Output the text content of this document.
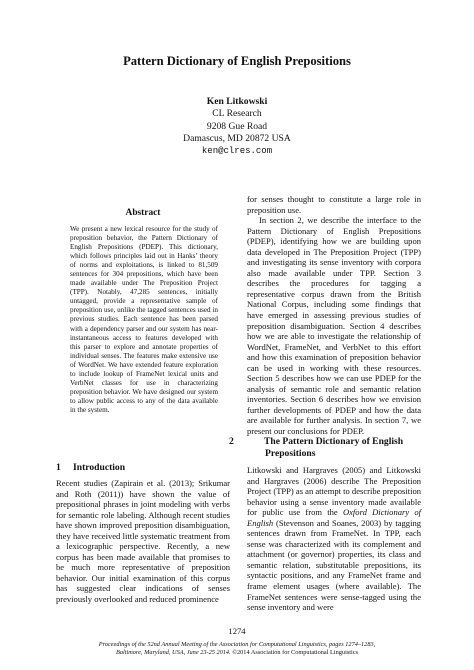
Pattern Dictionary of English Prepositions
Ken Litkowski
CL Research
9208 Gue Road
Damascus, MD 20872 USA
ken@clres.com
Abstract
We present a new lexical resource for the study of preposition behavior, the Pattern Dictionary of English Prepositions (PDEP). This dictionary, which follows principles laid out in Hanks’ theory of norms and exploitations, is linked to 81,509 sentences for 304 prepositions, which have been made available under The Preposition Project (TPP). Notably, 47,285 sentences, initially untagged, provide a representative sample of preposition use, unlike the tagged sentences used in previous studies. Each sentence has been parsed with a dependency parser and our system has near-instantaneous access to features developed with this parser to explore and annotate properties of individual senses. The features make extensive use of WordNet. We have extended feature exploration to include lookup of FrameNet lexical units and VerbNet classes for use in characterizing preposition behavior. We have designed our system to allow public access to any of the data available in the system.
1 Introduction

Recent studies (Zapirain et al. (2013); Srikumar and Roth (2011)) have shown the value of prepositional phrases in joint modeling with verbs for semantic role labeling. Although recent studies have shown improved preposition disambiguation, they have received little systematic treatment from a lexicographic perspective. Recently, a new corpus has been made available that promises to be much more representative of preposition behavior. Our initial examination of this corpus has suggested clear indications of senses previously overlooked and reduced prominence

for senses thought to constitute a large role in preposition use.

In section 2, we describe the interface to the Pattern Dictionary of English Prepositions (PDEP), identifying how we are building upon data developed in The Preposition Project (TPP) and investigating its sense inventory with corpora also made available under TPP. Section 3 describes the procedures for tagging a representative corpus drawn from the British National Corpus, including some findings that have emerged in assessing previous studies of preposition disambiguation. Section 4 describes how we are able to investigate the relationship of WordNet, FrameNet, and VerbNet to this effort and how this examination of preposition behavior can be used in working with these resources. Section 5 describes how we can use PDEP for the analysis of semantic role and semantic relation inventories. Section 6 describes how we envision further developments of PDEP and how the data are available for further analysis. In section 7, we present our conclusions for PDEP.

2	The Pattern Dictionary of English Prepositions

Litkowski and Hargraves (2005) and Litkowski and Hargraves (2006) describe The Preposition Project (TPP) as an attempt to describe preposition behavior using a sense inventory made available for public use from the Oxford Dictionary of English (Stevenson and Soanes, 2003) by tagging sentences drawn from FrameNet. In TPP, each sense was characterized with its complement and attachment (or governor) properties, its class and semantic relation, substitutable prepositions, its syntactic positions, and any FrameNet frame and frame element usages (where available). The FrameNet sentences were sense-tagged using the sense inventory and were

1274
Proceedings of the 52nd Annual Meeting of the Association for Computational Linguistics, pages 1274–1283,
Baltimore, Maryland, USA, June 23-25 2014. ©2014 Association for Computational Linguistics
